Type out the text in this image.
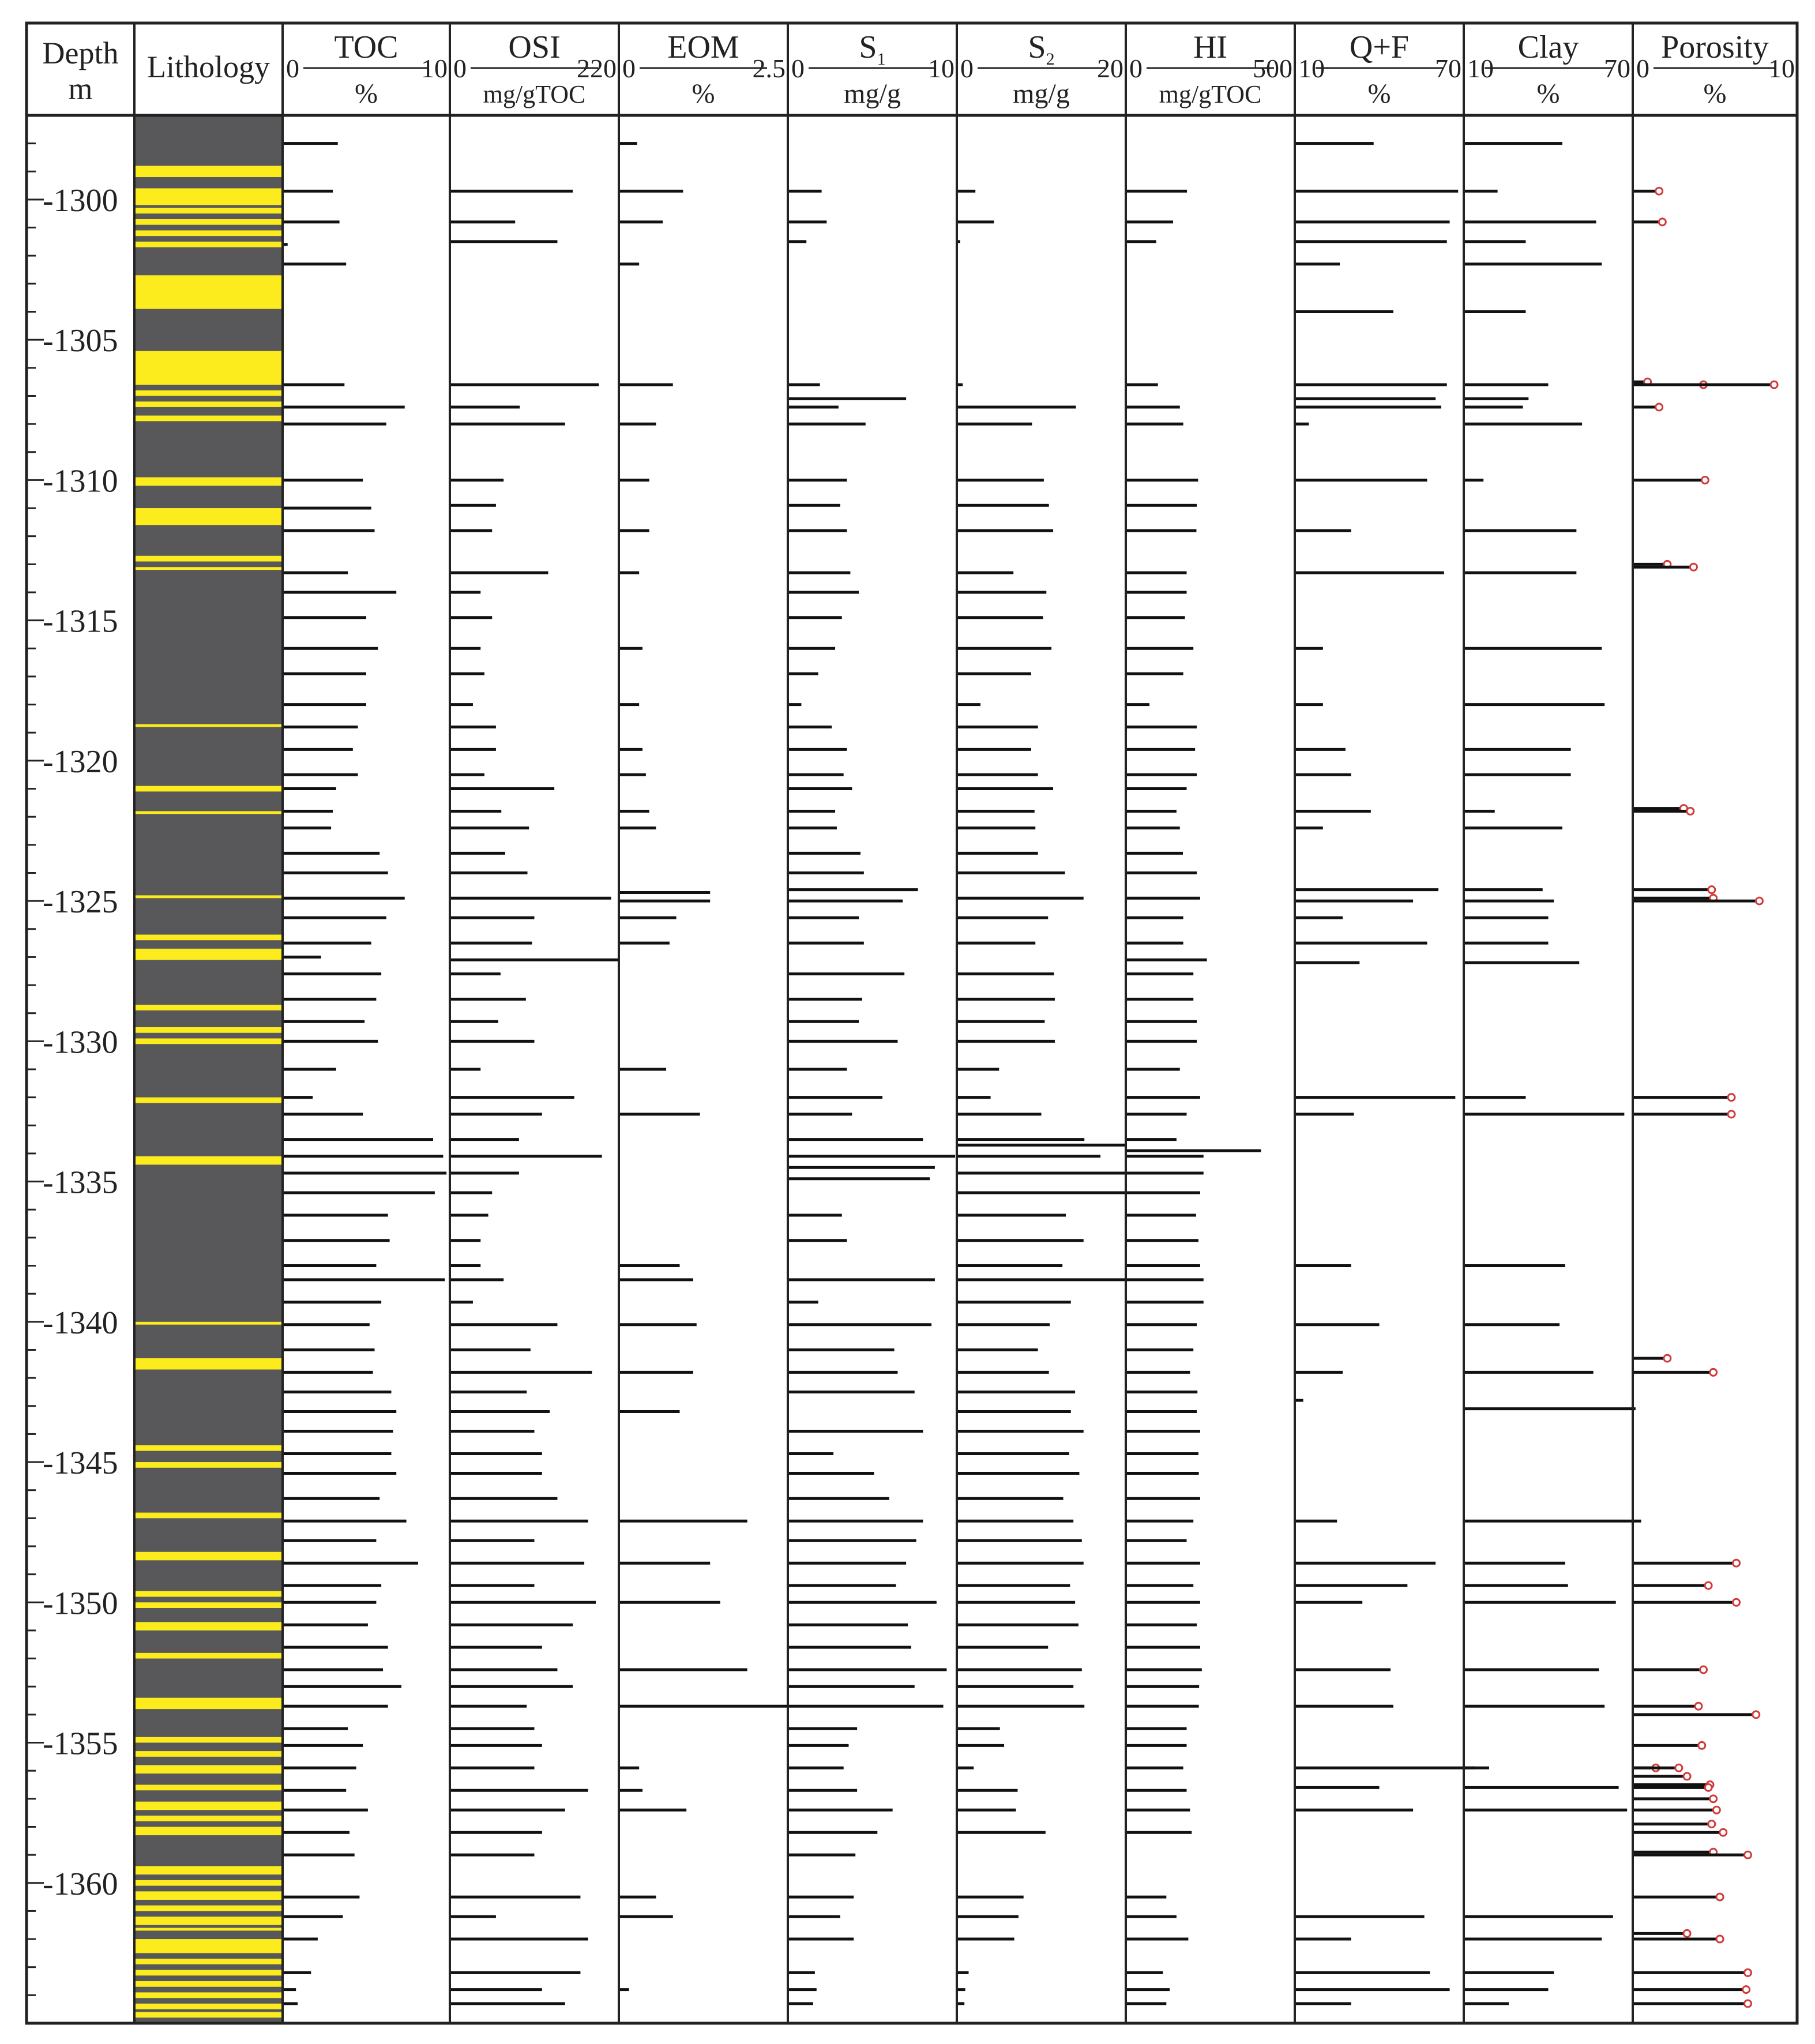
-1300
-1305
-1310
-1315
-1320
-1325
-1330
-1335
-1340
-1345
-1350
-1355
-1360
Depth
m
Lithology
TOC
0	10
%
OSI
0	220
mg/gTOC
EOM
0	2.5
%
$S_1$
0	10
mg/g
$S_2$
0	20
mg/g
HI
0	500
mg/gTOC
Q+F
10	70
%
Clay
10	70
%
Porosity
0	10
%
